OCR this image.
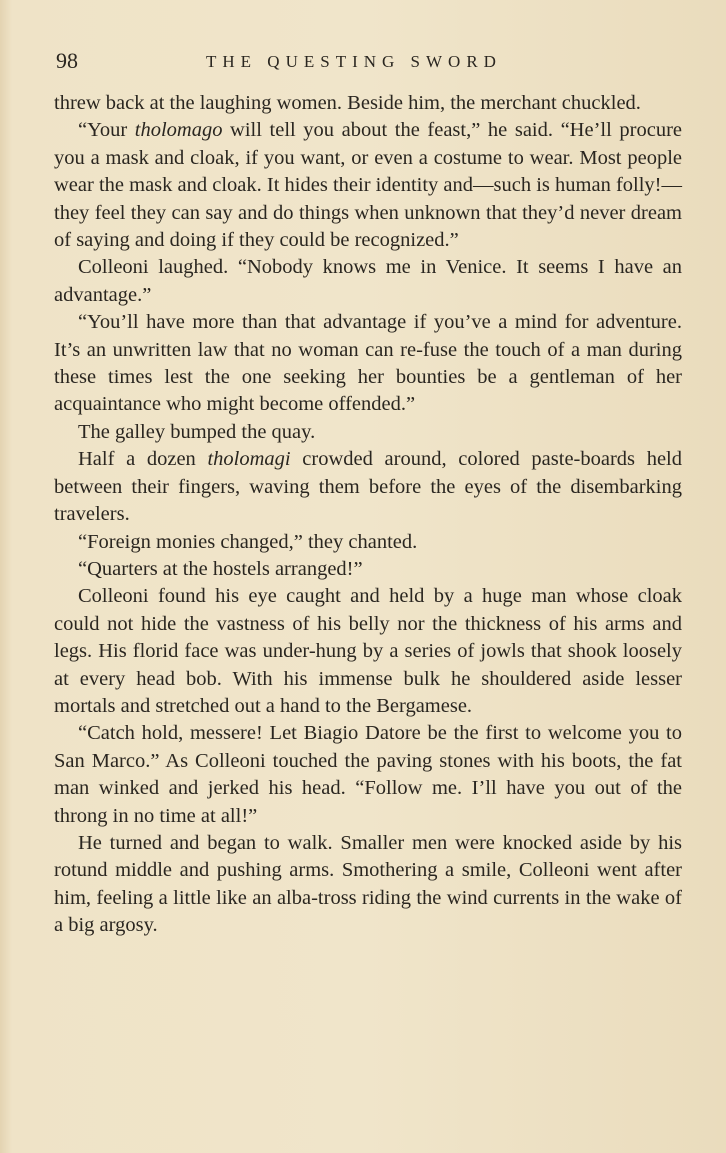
98	THE QUESTING SWORD

threw back at the laughing women. Beside him, the merchant chuckled.

“Your tholomago will tell you about the feast,” he said. “He’ll procure you a mask and cloak, if you want, or even a costume to wear. Most people wear the mask and cloak. It hides their identity and—such is human folly!—they feel they can say and do things when unknown that they’d never dream of saying and doing if they could be recognized.”

Colleoni laughed. “Nobody knows me in Venice. It seems I have an advantage.”

“You’ll have more than that advantage if you’ve a mind for adventure. It’s an unwritten law that no woman can re-fuse the touch of a man during these times lest the one seeking her bounties be a gentleman of her acquaintance who might become offended.”

The galley bumped the quay.

Half a dozen tholomagi crowded around, colored paste-boards held between their fingers, waving them before the eyes of the disembarking travelers.

“Foreign monies changed,” they chanted.

“Quarters at the hostels arranged!”

Colleoni found his eye caught and held by a huge man whose cloak could not hide the vastness of his belly nor the thickness of his arms and legs. His florid face was under-hung by a series of jowls that shook loosely at every head bob. With his immense bulk he shouldered aside lesser mortals and stretched out a hand to the Bergamese.

“Catch hold, messere! Let Biagio Datore be the first to welcome you to San Marco.” As Colleoni touched the paving stones with his boots, the fat man winked and jerked his head. “Follow me. I’ll have you out of the throng in no time at all!”

He turned and began to walk. Smaller men were knocked aside by his rotund middle and pushing arms. Smothering a smile, Colleoni went after him, feeling a little like an alba-tross riding the wind currents in the wake of a big argosy.
